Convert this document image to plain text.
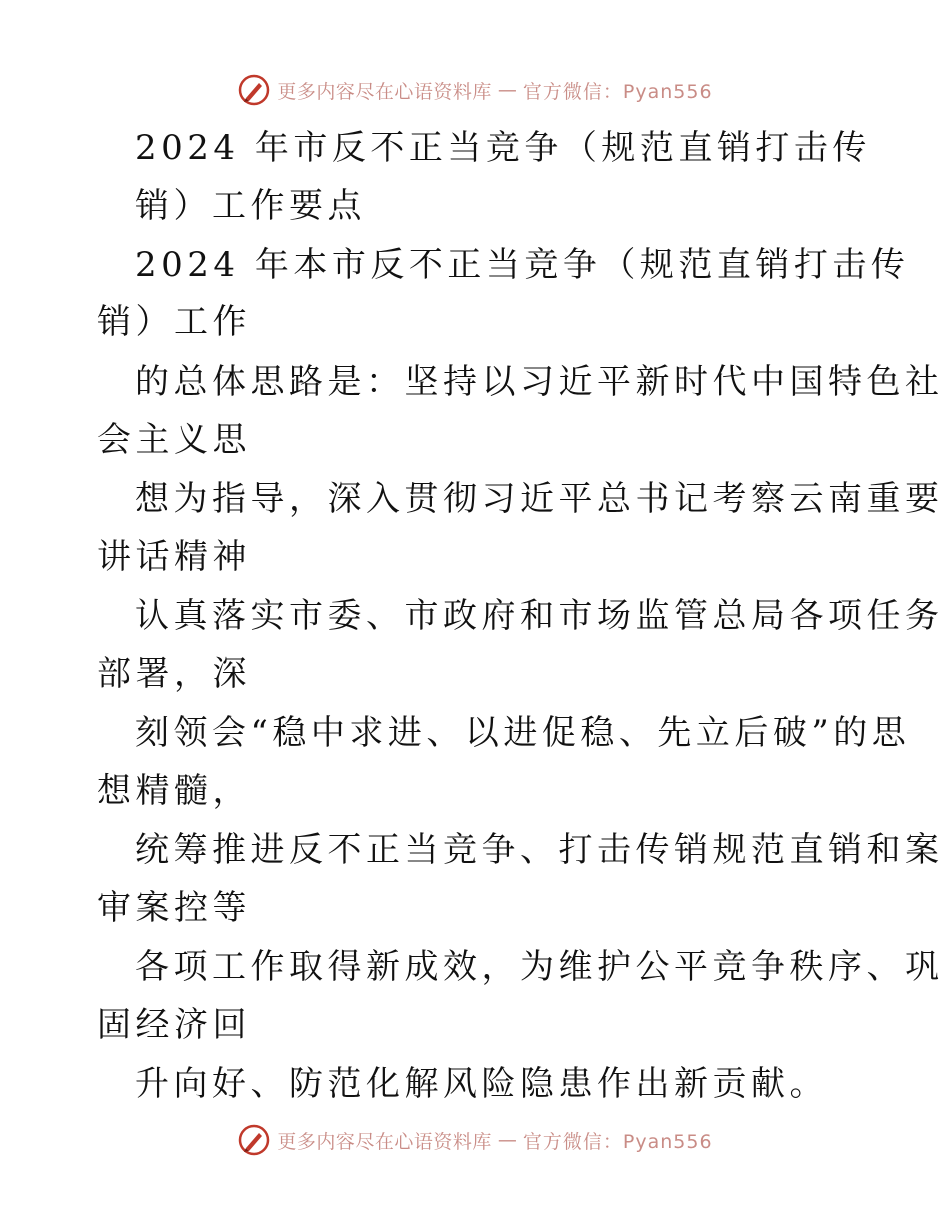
更多内容尽在心语资料库 — 官方微信：Pyan556
2024 年市反不正当竞争（规范直销打击传
销）工作要点
2024 年本市反不正当竞争（规范直销打击传
销）工作
的总体思路是：坚持以习近平新时代中国特色社
会主义思
想为指导，深入贯彻习近平总书记考察云南重要
讲话精神
认真落实市委、市政府和市场监管总局各项任务
部署，深
刻领会“稳中求进、以进促稳、先立后破”的思
想精髓，
统筹推进反不正当竞争、打击传销规范直销和案
审案控等
各项工作取得新成效，为维护公平竞争秩序、巩
固经济回
升向好、防范化解风险隐患作出新贡献。
更多内容尽在心语资料库 — 官方微信：Pyan556
